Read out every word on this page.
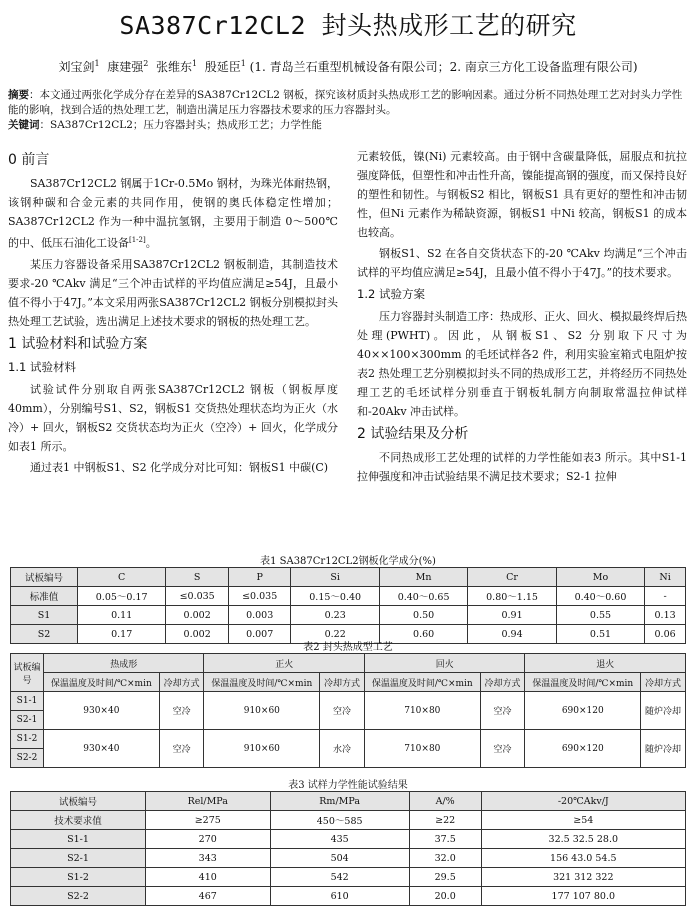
SA387Cr12CL2 封头热成形工艺的研究
刘宝剑$^1$ 康建强$^2$ 张维东$^1$ 殷延臣$^1$ (1. 青岛兰石重型机械设备有限公司；2. 南京三方化工设备监理有限公司)
摘要：本文通过两张化学成分存在差异的SA387Cr12CL2 钢板，探究该材质封头热成形工艺的影响因素。通过分析不同热处理工艺对封头力学性能的影响，找到合适的热处理工艺，制造出满足压力容器技术要求的压力容器封头。
关键词：SA387Cr12CL2；压力容器封头；热成形工艺；力学性能
0 前言

SA387Cr12CL2 钢属于1Cr-0.5Mo 钢材，为珠光体耐热钢，该钢种碳和合金元素的共同作用，使钢的奥氏体稳定性增加；SA387Cr12CL2 作为一种中温抗氢钢，主要用于制造 0～500℃的中、低压石油化工设备[1-2]。

某压力容器设备采用SA387Cr12CL2 钢板制造，其制造技术要求-20 ℃Akv 满足“三个冲击试样的平均值应满足≥54J，且最小值不得小于47J。”本文采用两张SA387Cr12CL2 钢板分别模拟封头热处理工艺试验，选出满足上述技术要求的钢板的热处理工艺。

1 试验材料和试验方案
1.1 试验材料

试验试件分别取自两张SA387Cr12CL2 钢板（钢板厚度 40mm），分别编号S1、S2，钢板S1 交货热处理状态均为正火（水冷）+ 回火，钢板S2 交货状态均为正火（空冷）+ 回火，化学成分如表1 所示。

通过表1 中钢板S1、S2 化学成分对比可知：钢板S1 中碳(C)

元素较低，镍(Ni) 元素较高。由于钢中含碳量降低，屈服点和抗拉强度降低，但塑性和冲击性升高，镍能提高钢的强度，而又保持良好的塑性和韧性。与钢板S2 相比，钢板S1 具有更好的塑性和冲击韧性，但Ni 元素作为稀缺资源，钢板S1 中Ni 较高，钢板S1 的成本也较高。

钢板S1、S2 在各自交货状态下的-20 ℃Akv 均满足“三个冲击试样的平均值应满足≥54J，且最小值不得小于47J。”的技术要求。

1.2 试验方案

压力容器封头制造工序：热成形、正火、回火、模拟最终焊后热处理(PWHT)。因此，从钢板S1、S2 分别取下尺寸为 40××100×300mm 的毛坯试样各2 件，利用实验室箱式电阻炉按表2 热处理工艺分别模拟封头不同的热成形工艺，并将经历不同热处理工艺的毛坯试样分别垂直于钢板轧制方向制取常温拉伸试样和-20Akv 冲击试样。

2 试验结果及分析

不同热成形工艺处理的试样的力学性能如表3 所示。其中S1-1 拉伸强度和冲击试验结果不满足技术要求；S2-1 拉伸

表1 SA387Cr12CL2钢板化学成分(%)

试板编号	C	S	P	Si	Mn	Cr	Mo	Ni
标准值	0.05～0.17	≤0.035	≤0.035	0.15～0.40	0.40～0.65	0.80～1.15	0.40～0.60	-
S1	0.11	0.002	0.003	0.23	0.50	0.91	0.55	0.13
S2	0.17	0.002	0.007	0.22	0.60	0.94	0.51	0.06

表2 封头热成型工艺

试板编号	热成形		正火		回火		退火	
	保温温度及时间/℃×min	冷却方式	保温温度及时间/℃×min	冷却方式	保温温度及时间/℃×min	冷却方式	保温温度及时间/℃×min	冷却方式
S1-1	930×40	空冷	910×60	空冷	710×80	空冷	690×120	随炉冷却
S2-1								
S1-2	930×40	空冷	910×60	水冷	710×80	空冷	690×120	随炉冷却
S2-2								

表3 试样力学性能试验结果

试板编号	Rel/MPa	Rm/MPa	A/%	-20℃Akv/J
技术要求值	≥275	450～585	≥22	≥54
S1-1	270	435	37.5	32.5 32.5 28.0
S2-1	343	504	32.0	156 43.0 54.5
S1-2	410	542	29.5	321 312 322
S2-2	467	610	20.0	177 107 80.0
